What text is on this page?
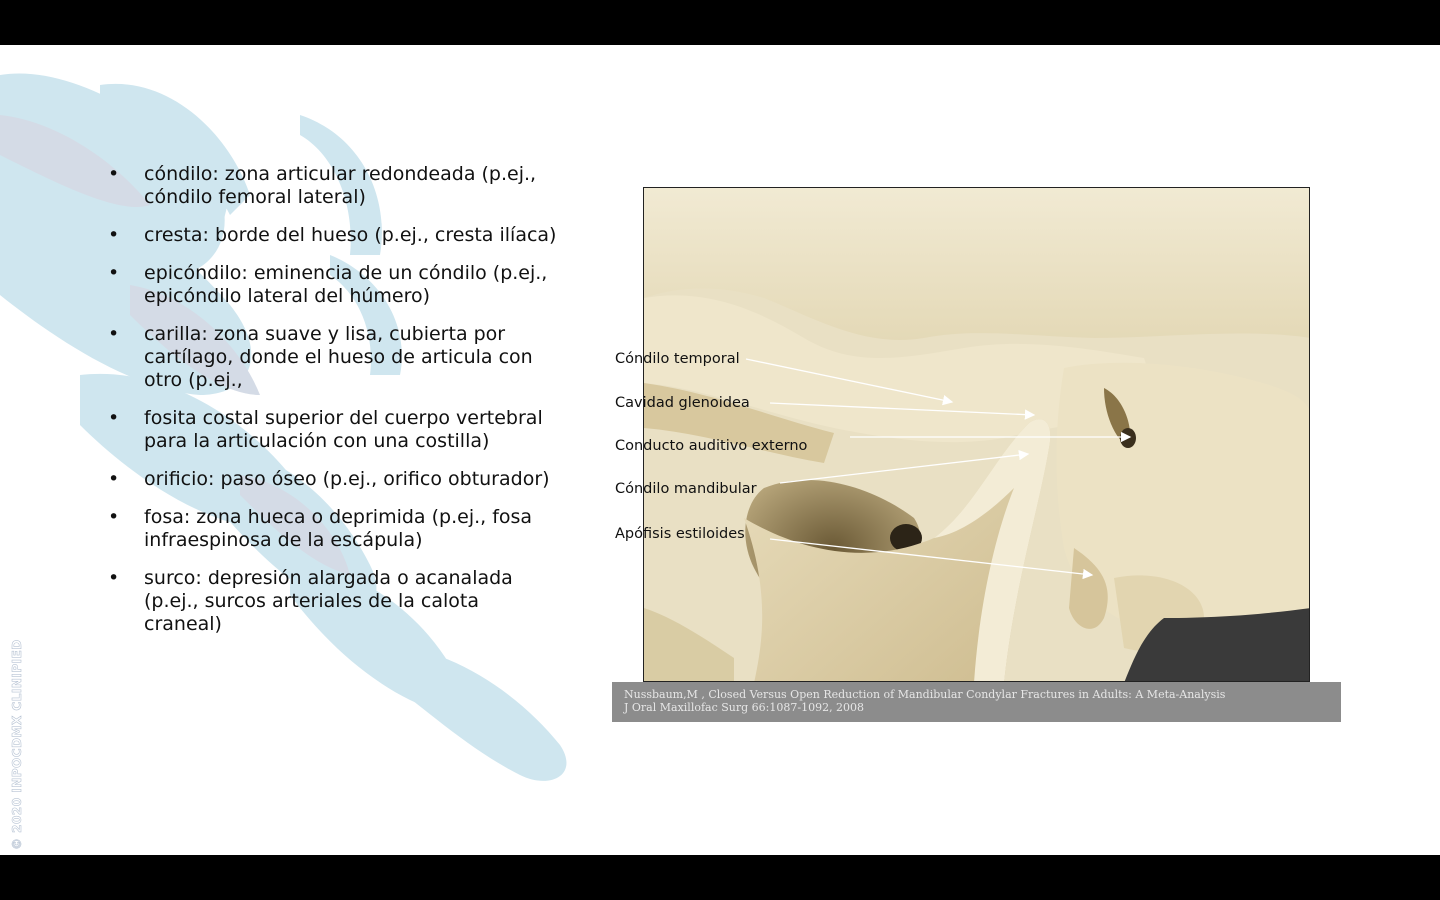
© 2020 INPOCDMX CLINIPIED
•	cóndilo: zona articular redondeada (p.ej., cóndilo femoral lateral)
•	cresta: borde del hueso (p.ej., cresta ilíaca)
•	epicóndilo: eminencia de un cóndilo (p.ej., epicóndilo lateral del húmero)
•	carilla: zona suave y lisa, cubierta por cartílago, donde el hueso de articula con otro (p.ej.,
•	fosita costal superior del cuerpo vertebral para la articulación con una costilla)
•	orificio: paso óseo (p.ej., orifico obturador)
•	fosa: zona hueca o deprimida (p.ej., fosa infraespinosa de la escápula)
•	surco: depresión alargada o acanalada (p.ej., surcos arteriales de la calota craneal)
Cóndilo temporal
Cavidad glenoidea
Conducto auditivo externo
Cóndilo mandibular
Apófisis estiloides
Nussbaum,M , Closed Versus Open Reduction of Mandibular Condylar Fractures in Adults: A Meta-Analysis
J Oral Maxillofac Surg 66:1087-1092, 2008
